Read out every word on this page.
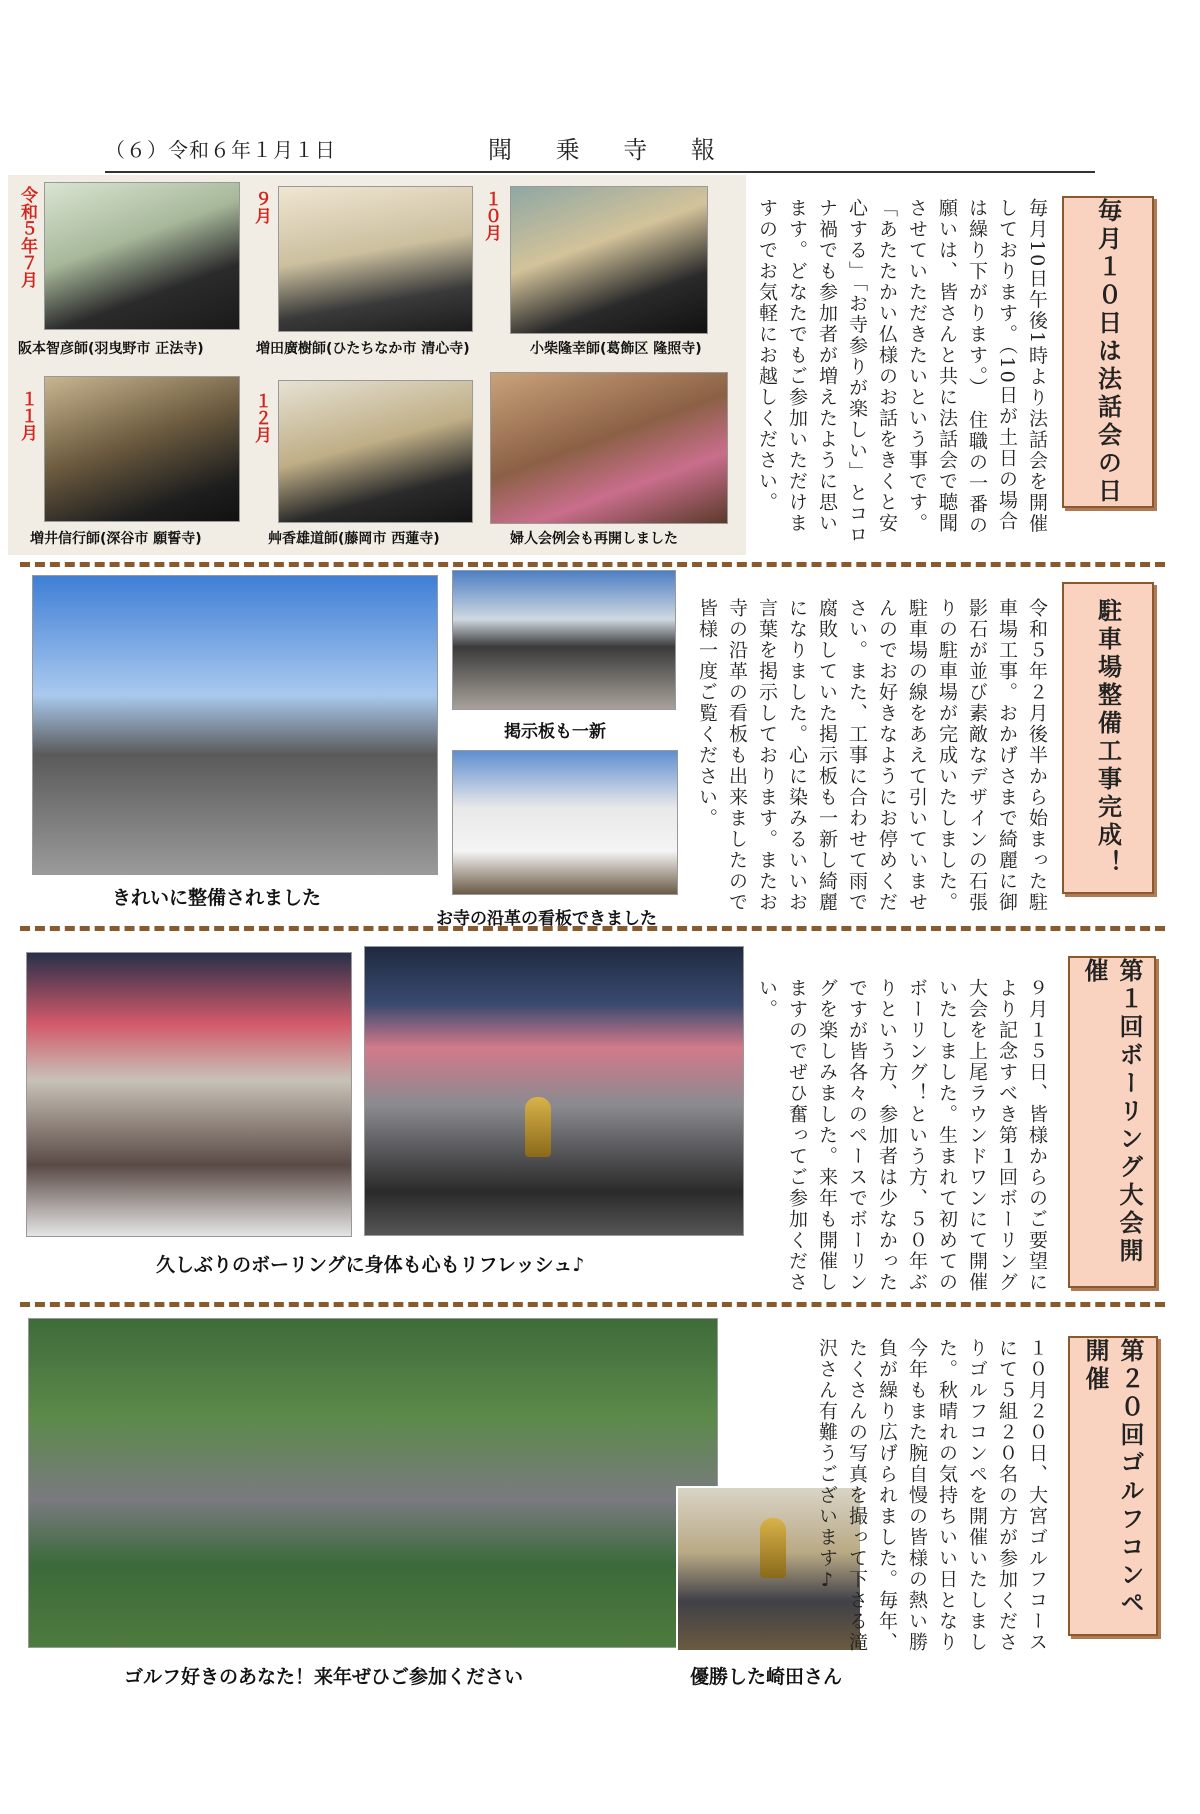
（６）令和６年１月１日	聞 乗 寺 報
令和５年７月
阪本智彦師(羽曳野市 正法寺)
９月
増田廣樹師(ひたちなか市 清心寺)
１０月
小柴隆幸師(葛飾区 隆照寺)
１１月
増井信行師(深谷市 願誓寺)
１２月
艸香雄道師(藤岡市 西蓮寺)	婦人会例会も再開しました
毎月10日午後1時より法話会を開催しております。（10日が土日の場合は繰り下がります。）　住職の一番の願いは、皆さんと共に法話会で聴聞させていただきたいという事です。「あたたかい仏様のお話をきくと安心する」「お寺参りが楽しい」とコロナ禍でも参加者が増えたように思います。どなたでもご参加いただけますのでお気軽にお越しください。	毎月１０日は法話会の日
きれいに整備されました
掲示板も一新
お寺の沿革の看板できました
令和５年２月後半から始まった駐車場工事。おかげさまで綺麗に御影石が並び素敵なデザインの石張りの駐車場が完成いたしました。駐車場の線をあえて引いていませんのでお好きなようにお停めください。また、工事に合わせて雨で腐敗していた掲示板も一新し綺麗になりました。心に染みるいいお言葉を掲示しております。またお寺の沿革の看板も出来ましたので皆様一度ご覧ください。	駐車場整備工事完成！
久しぶりのボーリングに身体も心もリフレッシュ♪	９月１５日、皆様からのご要望により記念すべき第１回ボーリング大会を上尾ラウンドワンにて開催いたしました。生まれて初めてのボーリング！という方、５０年ぶりという方、参加者は少なかったですが皆各々のペースでボーリングを楽しみました。来年も開催しますのでぜひ奮ってご参加ください。	第１回ボーリング大会開催
ゴルフ好きのあなた！来年ぜひご参加ください	優勝した崎田さん
１０月２０日、大宮ゴルフコースにて５組２０名の方が参加くださりゴルフコンペを開催いたしました。秋晴れの気持ちいい日となり今年もまた腕自慢の皆様の熱い勝負が繰り広げられました。毎年、たくさんの写真を撮って下さる滝沢さん有難うございます♪	第２０回ゴルフコンペ開催
